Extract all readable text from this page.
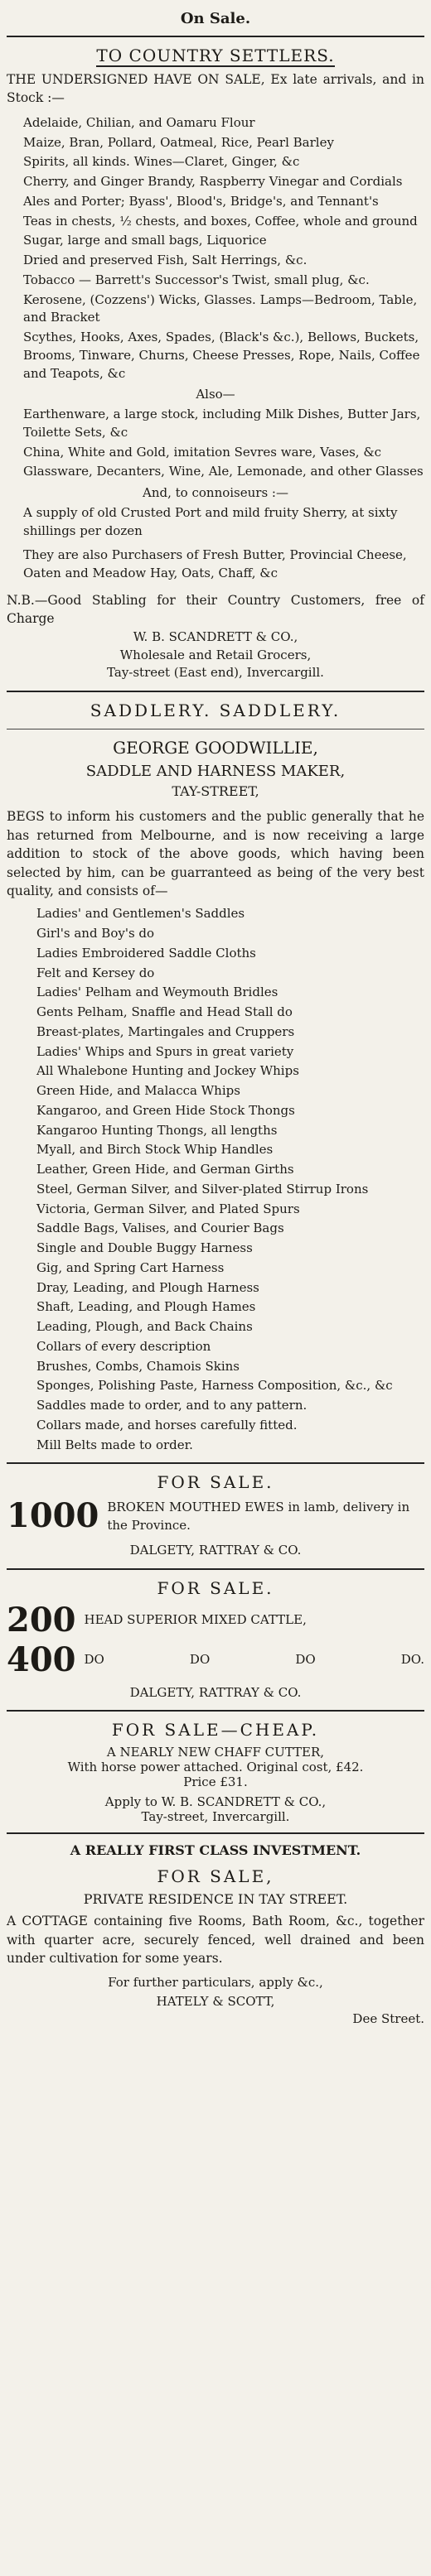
On Sale.
TO COUNTRY SETTLERS.
THE UNDERSIGNED HAVE ON SALE, Ex late arrivals, and in Stock :—
Adelaide, Chilian, and Oamaru Flour
Maize, Bran, Pollard, Oatmeal, Rice, Pearl Barley
Spirits, all kinds. Wines—Claret, Ginger, &c
Cherry, and Ginger Brandy, Raspberry Vinegar and Cordials
Ales and Porter; Byass', Blood's, Bridge's, and Tennant's
Teas in chests, ½ chests, and boxes, Coffee, whole and ground
Sugar, large and small bags, Liquorice
Dried and preserved Fish, Salt Herrings, &c.
Tobacco — Barrett's Successor's Twist, small plug, &c.
Kerosene, (Cozzens') Wicks, Glasses. Lamps—Bedroom, Table, and Bracket
Scythes, Hooks, Axes, Spades, (Black's &c.), Bellows, Buckets, Brooms, Tinware, Churns, Cheese Presses, Rope, Nails, Coffee and Teapots, &c
Also—
Earthenware, a large stock, including Milk Dishes, Butter Jars, Toilette Sets, &c
China, White and Gold, imitation Sevres ware, Vases, &c
Glassware, Decanters, Wine, Ale, Lemonade, and other Glasses
And, to connoiseurs :—
A supply of old Crusted Port and mild fruity Sherry, at sixty shillings per dozen
They are also Purchasers of Fresh Butter, Provincial Cheese, Oaten and Meadow Hay, Oats, Chaff, &c
N.B.—Good Stabling for their Country Customers, free of Charge
W. B. SCANDRETT & CO.,
Wholesale and Retail Grocers,
Tay-street (East end), Invercargill.
SADDLERY. SADDLERY.
GEORGE GOODWILLIE,
SADDLE AND HARNESS MAKER,
TAY-STREET,
BEGS to inform his customers and the public generally that he has returned from Melbourne, and is now receiving a large addition to stock of the above goods, which having been selected by him, can be guarranteed as being of the very best quality, and consists of—
Ladies' and Gentlemen's Saddles
Girl's and Boy's do
Ladies Embroidered Saddle Cloths
Felt and Kersey do
Ladies' Pelham and Weymouth Bridles
Gents Pelham, Snaffle and Head Stall do
Breast-plates, Martingales and Cruppers
Ladies' Whips and Spurs in great variety
All Whalebone Hunting and Jockey Whips
Green Hide, and Malacca Whips
Kangaroo, and Green Hide Stock Thongs
Kangaroo Hunting Thongs, all lengths
Myall, and Birch Stock Whip Handles
Leather, Green Hide, and German Girths
Steel, German Silver, and Silver-plated Stirrup Irons
Victoria, German Silver, and Plated Spurs
Saddle Bags, Valises, and Courier Bags
Single and Double Buggy Harness
Gig, and Spring Cart Harness
Dray, Leading, and Plough Harness
Shaft, Leading, and Plough Hames
Leading, Plough, and Back Chains
Collars of every description
Brushes, Combs, Chamois Skins
Sponges, Polishing Paste, Harness Composition, &c., &c
Saddles made to order, and to any pattern.
Collars made, and horses carefully fitted.
Mill Belts made to order.
FOR SALE.
1000 BROKEN MOUTHED EWES in lamb, delivery in the Province.
DALGETY, RATTRAY & CO.
FOR SALE.
200 HEAD SUPERIOR MIXED CATTLE,
400 DO	DO	DO	DO.
DALGETY, RATTRAY & CO.
FOR SALE—CHEAP.
A NEARLY NEW CHAFF CUTTER,
With horse power attached. Original cost, £42.
Price £31.
Apply to W. B. SCANDRETT & CO.,
Tay-street, Invercargill.
A REALLY FIRST CLASS INVESTMENT.
FOR SALE,
PRIVATE RESIDENCE IN TAY STREET.
A COTTAGE containing five Rooms, Bath Room, &c., together with quarter acre, securely fenced, well drained and been under cultivation for some years.
For further particulars, apply &c.,
HATELY & SCOTT,
Dee Street.
